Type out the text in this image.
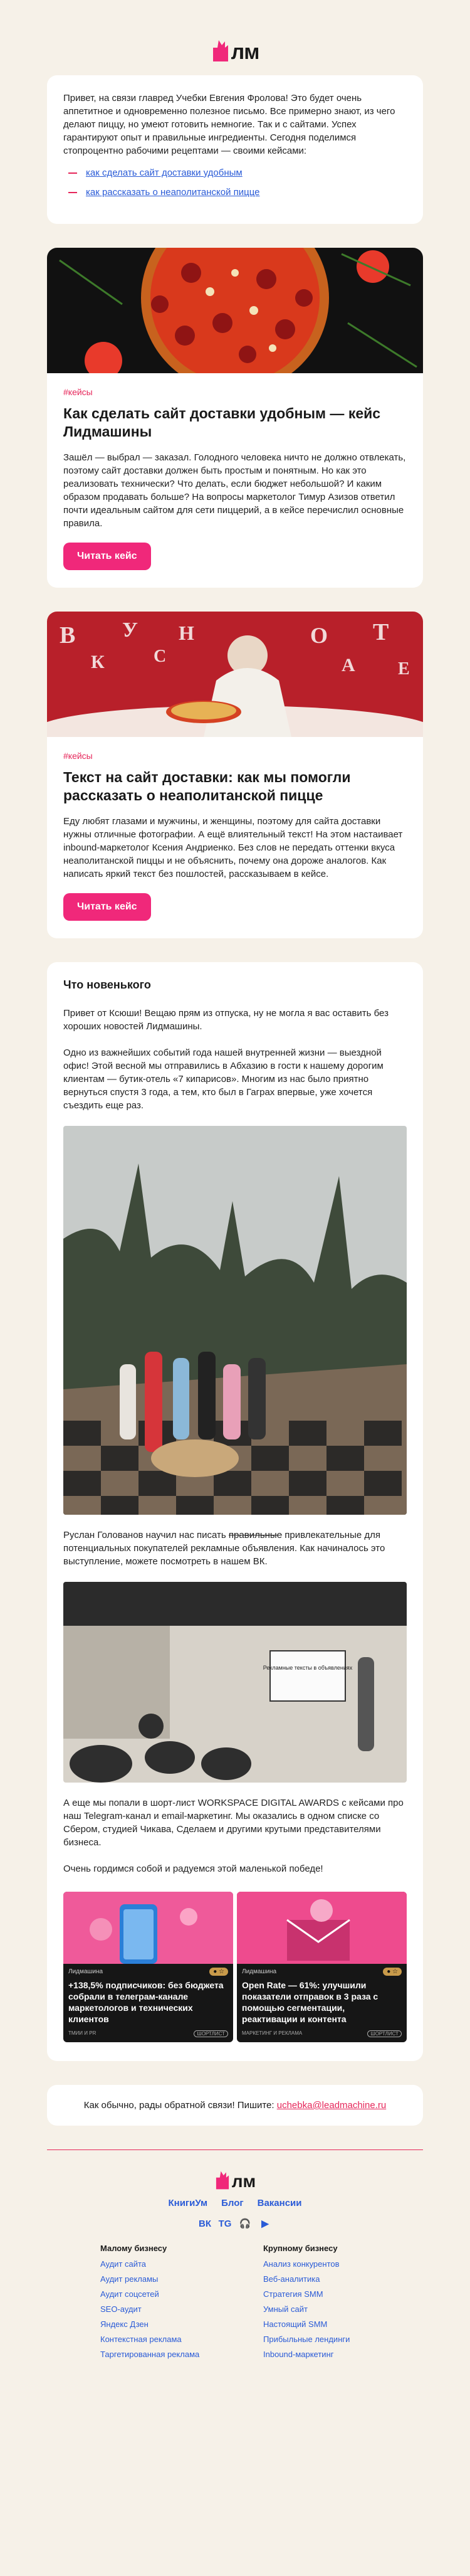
лм

Привет, на связи главред Учебки Евгения Фролова! Это будет очень аппетитное и одновременно полезное письмо. Все примерно знают, из чего делают пиццу, но умеют готовить немногие. Так и с сайтами. Успех гарантируют опыт и правильные ингредиенты. Сегодня поделимся стопроцентно рабочими рецептами — своими кейсами:

как сделать сайт доставки удобным
как рассказать о неаполитанской пицце
#кейсы
Как сделать сайт доставки удобным — кейс Лидмашины

Зашёл — выбрал — заказал. Голодного человека ничто не должно отвлекать, поэтому сайт доставки должен быть простым и понятным. Но как это реализовать технически? Что делать, если бюджет небольшой? И каким образом продавать больше? На вопросы маркетолог Тимур Азизов ответил почти идеальным сайтом для сети пиццерий, а в кейсе перечислил основные правила.

Читать кейс
В
К
У
С
Н	О
А
Т
Е
#кейсы
Текст на сайт доставки: как мы помогли рассказать о неаполитанской пицце

Еду любят глазами и мужчины, и женщины, поэтому для сайта доставки нужны отличные фотографии. А ещё влиятельный текст! На этом настаивает inbound-маркетолог Ксения Андриенко. Без слов не передать оттенки вкуса неаполитанской пиццы и не объяснить, почему она дороже аналогов. Как написать яркий текст без пошлостей, рассказываем в кейсе.

Читать кейс
Что новенького

Привет от Ксюши! Вещаю прям из отпуска, ну не могла я вас оставить без хороших новостей Лидмашины.

Одно из важнейших событий года нашей внутренней жизни — выездной офис! Этой весной мы отправились в Абхазию в гости к нашему дорогим клиентам — бутик-отель «7 кипарисов». Многим из нас было приятно вернуться спустя 3 года, а тем, кто был в Гаграх впервые, уже хочется съездить еще раз.

Руслан Голованов научил нас писать правильные привлекательные для потенциальных покупателей рекламные объявления. Как начиналось это выступление, можете посмотреть в нашем ВК.

Рекламные тексты в объявлениях

А еще мы попали в шорт-лист WORKSPACE DIGITAL AWARDS с кейсами про наш Telegram-канал и email-маркетинг. Мы оказались в одном списке со Сбером, студией Чикава, Сделаем и другими крутыми представителями бизнеса.

Очень гордимся собой и радуемся этой маленькой победе!

Лидмашина	● ☆
+138,5% подписчиков: без бюджета собрали в телеграм-канале маркетологов и технических клиентов
ТМИИ И PR	ШОРТЛИСТ
Лидмашина	● ☆
Open Rate — 61%: улучшили показатели отправок в 3 раза с помощью сегментации, реактивации и контента
МАРКЕТИНГ И РЕКЛАМА	ШОРТЛИСТ
Как обычно, рады обратной связи! Пишите: uchebka@leadmachine.ru
лм
КнигиУм Блог Вакансии
ВК TG 🎧 ▶
Малому бизнесу
Аудит сайта
Аудит рекламы
Аудит соцсетей
SEO-аудит
Яндекс Дзен
Контекстная реклама
Таргетированная реклама
Крупному бизнесу
Анализ конкурентов
Веб-аналитика
Стратегия SMM
Умный сайт
Настоящий SMM
Прибыльные лендинги
Inbound-маркетинг
